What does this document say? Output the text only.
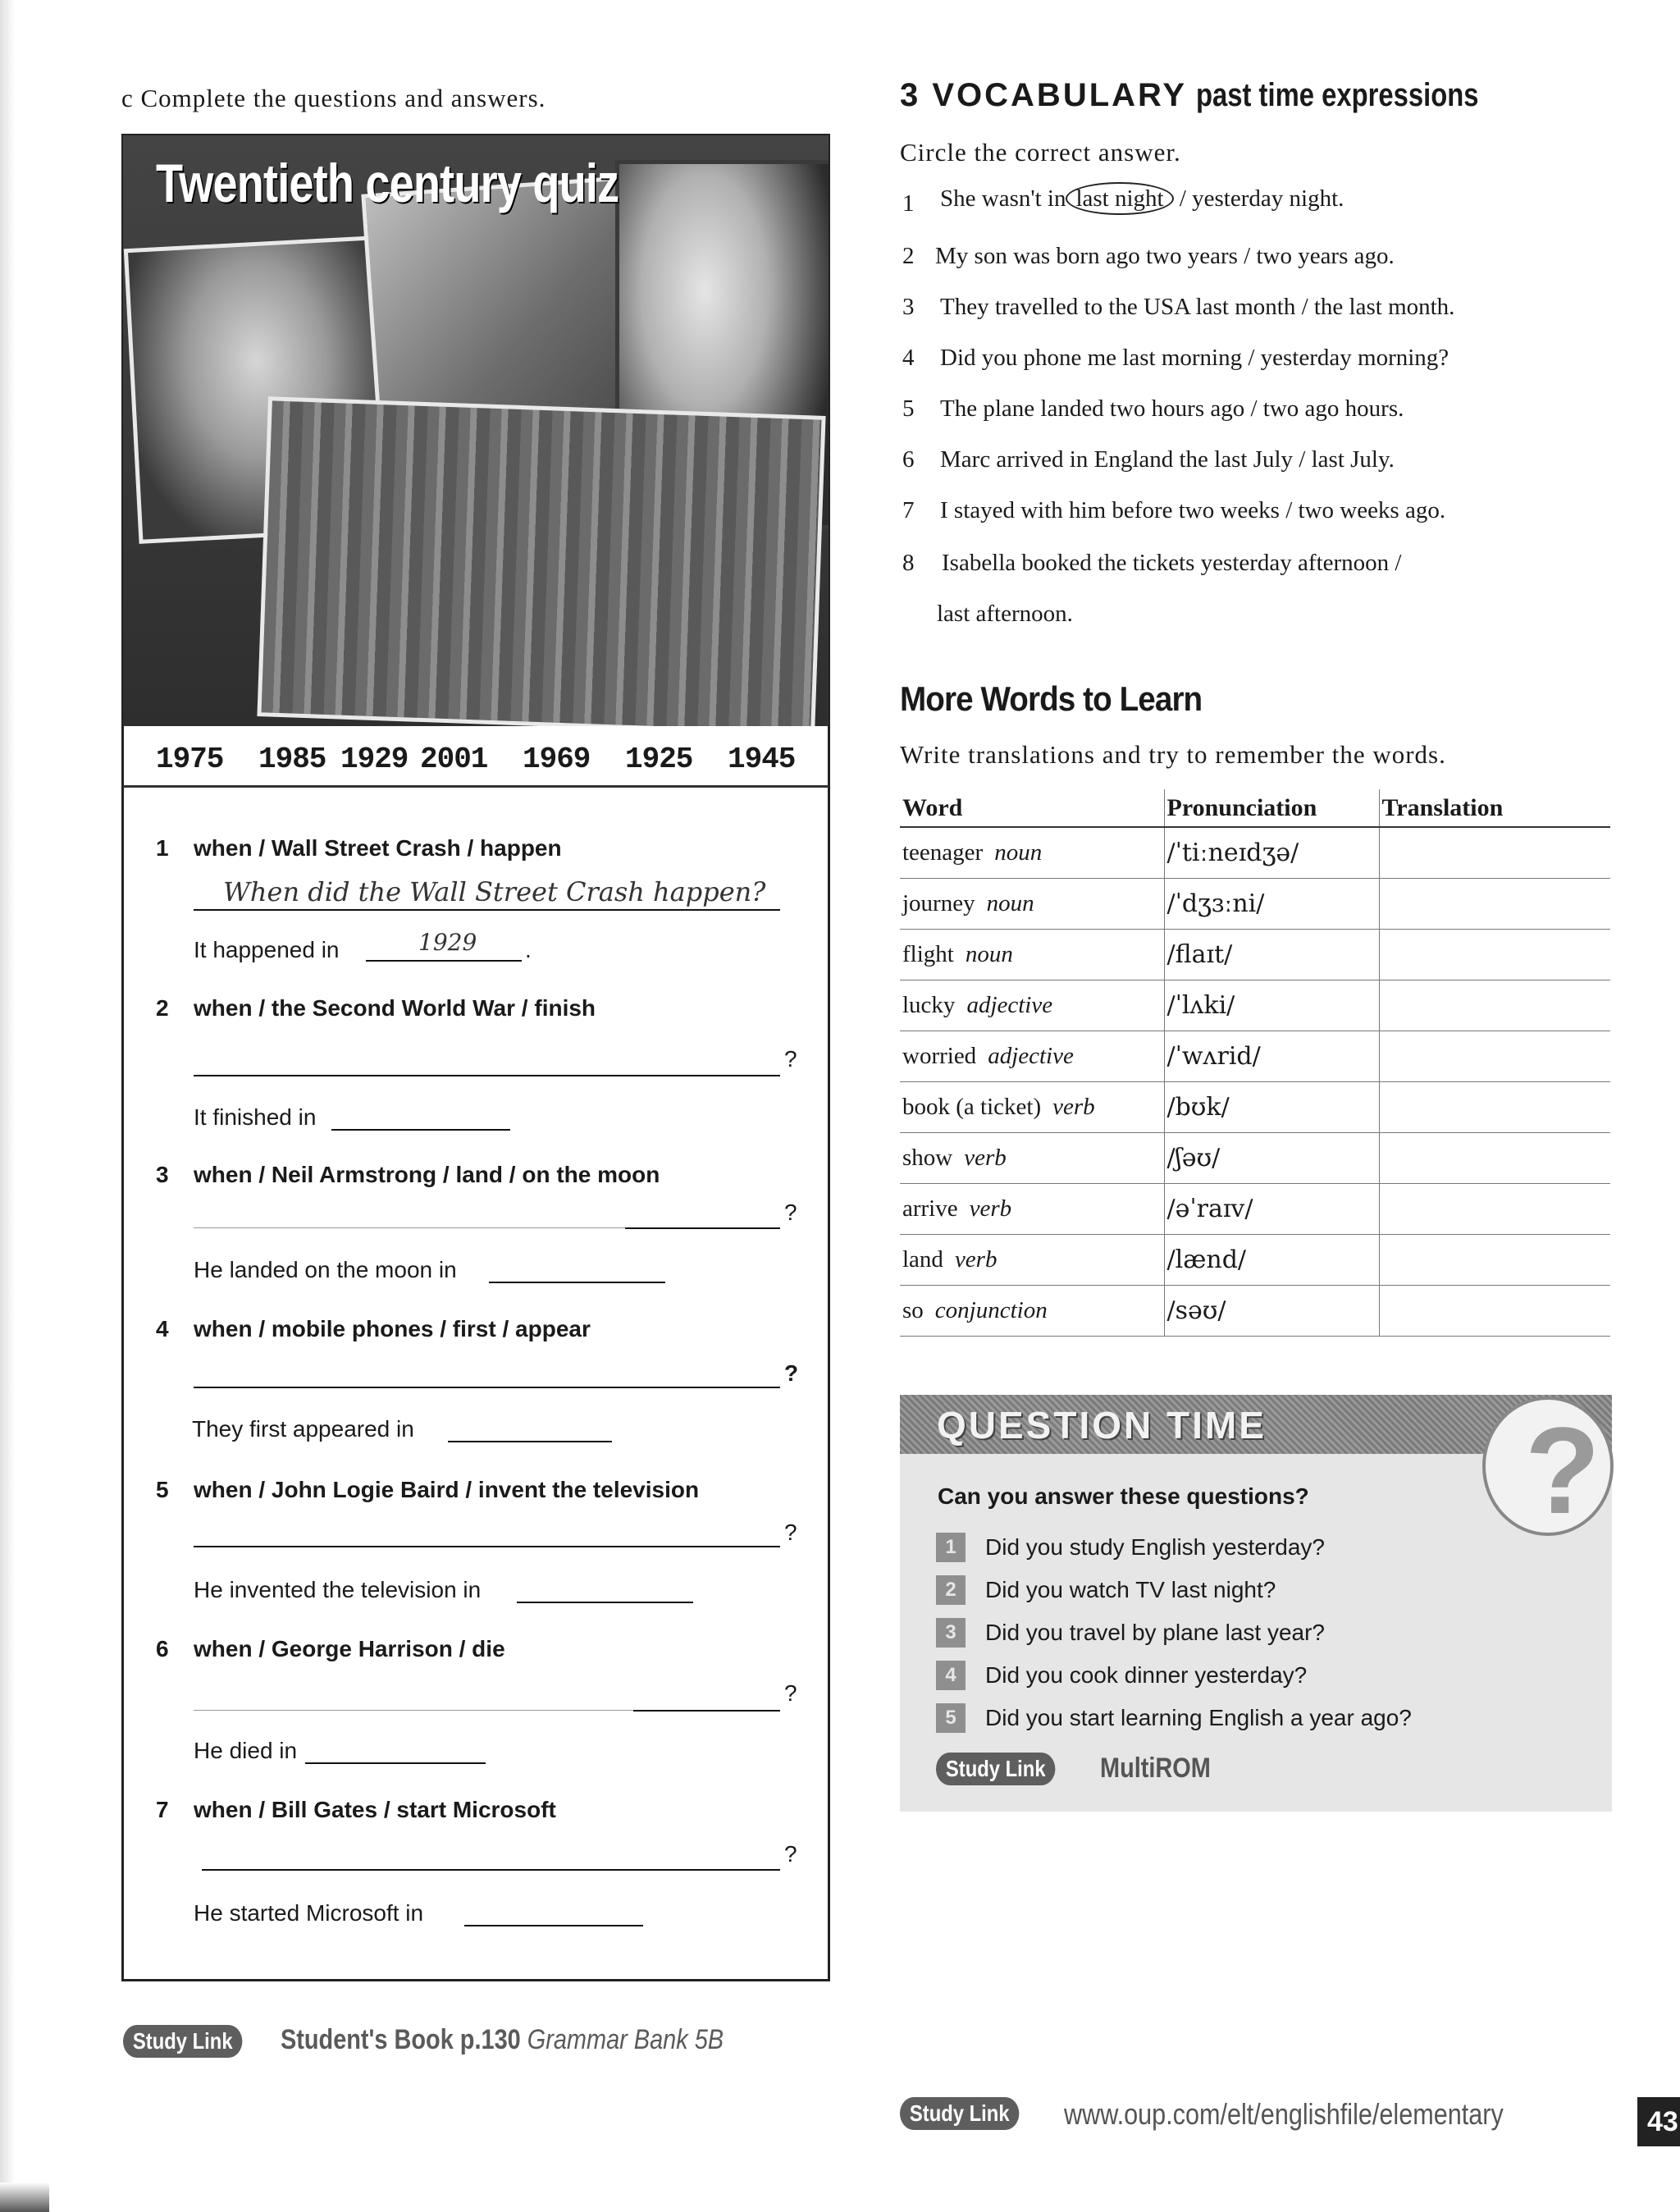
c Complete the questions and answers.
Twentieth century quiz
1975 1985 1929 2001 1969 1925 1945
1 when / Wall Street Crash / happen
When did the Wall Street Crash happen?
It happened in	1929 .
2 when / the Second World War / finish
?
It finished in
3 when / Neil Armstrong / land / on the moon
?
He landed on the moon in
4 when / mobile phones / first / appear
?
They first appeared in
5 when / John Logie Baird / invent the television
?
He invented the television in
6 when / George Harrison / die
?
He died in
7 when / Bill Gates / start Microsoft
?
He started Microsoft in
Study Link	Student's Book p.130 Grammar Bank 5B
3 VOCABULARY past time expressions
Circle the correct answer.
1 She wasn't in last night / yesterday night.
2 My son was born ago two years / two years ago.
3 They travelled to the USA last month / the last month.
4 Did you phone me last morning / yesterday morning?
5 The plane landed two hours ago / two ago hours.
6 Marc arrived in England the last July / last July.
7 I stayed with him before two weeks / two weeks ago.
8 Isabella booked the tickets yesterday afternoon /
last afternoon.
More Words to Learn
Write translations and try to remember the words.
Word	Pronunciation	Translation
teenager noun	/ˈtiːneɪdʒə/	
journey noun	/ˈdʒɜːni/	
flight noun	/flaɪt/	
lucky adjective	/ˈlʌki/	
worried adjective	/ˈwʌrid/	
book (a ticket) verb	/bʊk/	
show verb	/ʃəʊ/	
arrive verb	/əˈraɪv/	
land verb	/lænd/	
so conjunction	/səʊ/	
QUESTION TIME ?
Can you answer these questions?
1	Did you study English yesterday?
2	Did you watch TV last night?
3	Did you travel by plane last year?
4	Did you cook dinner yesterday?
5	Did you start learning English a year ago?
Study Link	MultiROM
Study Link	www.oup.com/elt/englishfile/elementary	43
